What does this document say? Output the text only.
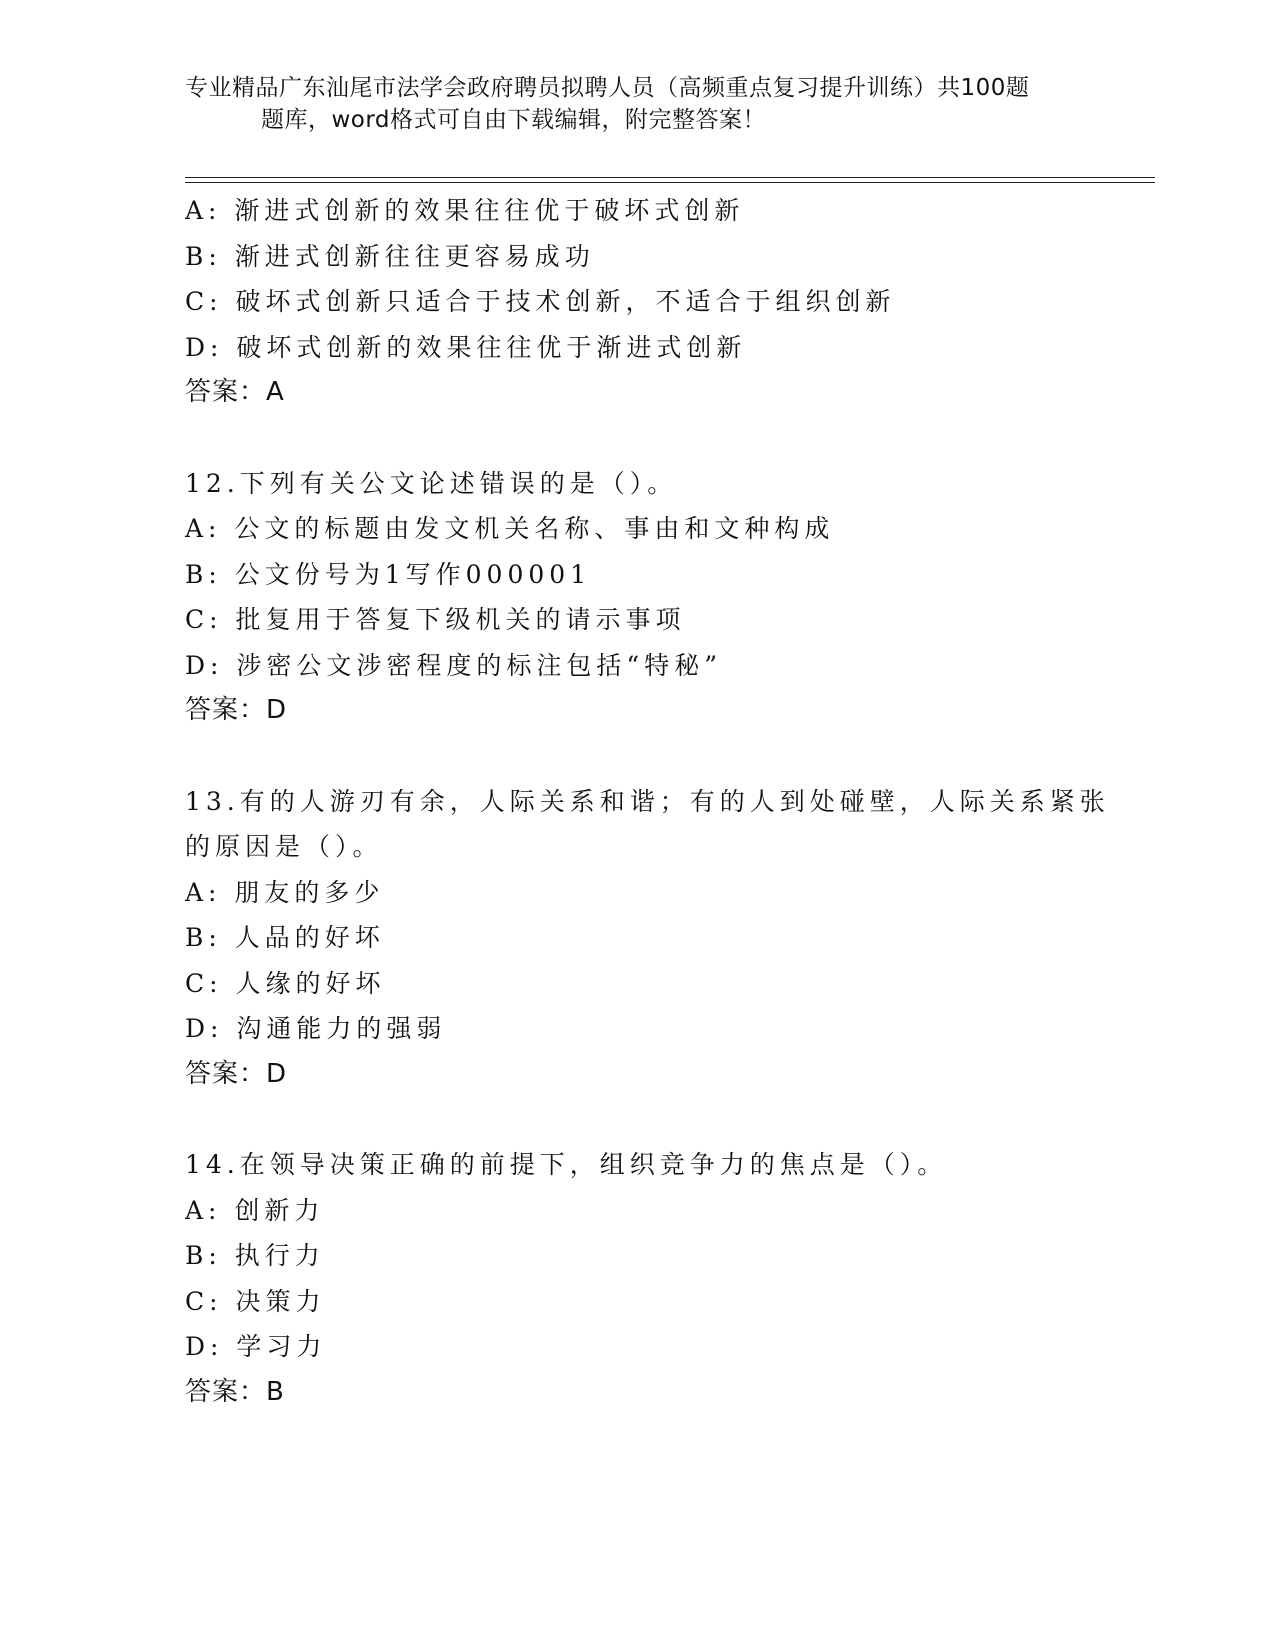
专业精品广东汕尾市法学会政府聘员拟聘人员（高频重点复习提升训练）共100题
题库，word格式可自由下载编辑，附完整答案！
A: 渐进式创新的效果往往优于破坏式创新
B: 渐进式创新往往更容易成功
C: 破坏式创新只适合于技术创新，不适合于组织创新
D: 破坏式创新的效果往往优于渐进式创新
答案：A
12.下列有关公文论述错误的是（）。
A: 公文的标题由发文机关名称、事由和文种构成
B: 公文份号为1写作000001
C: 批复用于答复下级机关的请示事项
D: 涉密公文涉密程度的标注包括“特秘”
答案：D
13.有的人游刃有余，人际关系和谐；有的人到处碰壁，人际关系紧张
的原因是（）。
A: 朋友的多少
B: 人品的好坏
C: 人缘的好坏
D: 沟通能力的强弱
答案：D
14.在领导决策正确的前提下，组织竞争力的焦点是（）。
A: 创新力
B: 执行力
C: 决策力
D: 学习力
答案：B
